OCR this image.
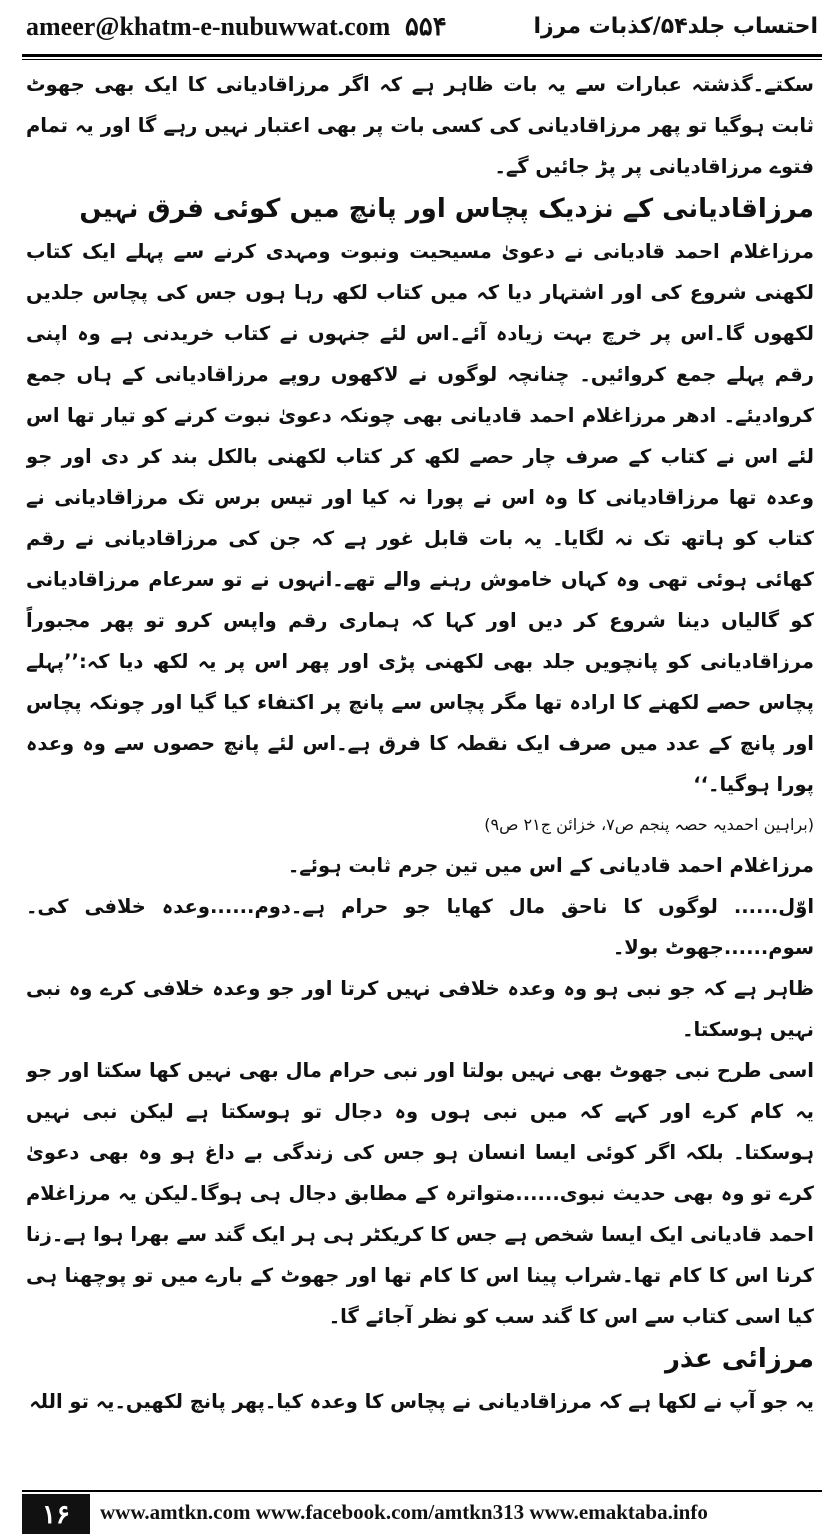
ameer@khatm-e-nubuwwat.com ۵۵۴	احتساب جلد۵۴/کذبات مرزا

سکتے۔گذشتہ عبارات سے یہ بات ظاہر ہے کہ اگر مرزاقادیانی کا ایک بھی جھوٹ ثابت ہوگیا تو پھر مرزاقادیانی کی کسی بات پر بھی اعتبار نہیں رہے گا اور یہ تمام فتوے مرزاقادیانی پر پڑ جائیں گے۔

مرزاقادیانی کے نزدیک پچاس اور پانچ میں کوئی فرق نہیں

مرزاغلام احمد قادیانی نے دعویٰ مسیحیت ونبوت ومہدی کرنے سے پہلے ایک کتاب لکھنی شروع کی اور اشتہار دیا کہ میں کتاب لکھ رہا ہوں جس کی پچاس جلدیں لکھوں گا۔اس پر خرچ بہت زیادہ آئے۔اس لئے جنہوں نے کتاب خریدنی ہے وہ اپنی رقم پہلے جمع کروائیں۔ چنانچہ لوگوں نے لاکھوں روپے مرزاقادیانی کے ہاں جمع کروادیئے۔ ادھر مرزاغلام احمد قادیانی بھی چونکہ دعویٰ نبوت کرنے کو تیار تھا اس لئے اس نے کتاب کے صرف چار حصے لکھ کر کتاب لکھنی بالکل بند کر دی اور جو وعدہ تھا مرزاقادیانی کا وہ اس نے پورا نہ کیا اور تیس برس تک مرزاقادیانی نے کتاب کو ہاتھ تک نہ لگایا۔ یہ بات قابل غور ہے کہ جن کی مرزاقادیانی نے رقم کھائی ہوئی تھی وہ کہاں خاموش رہنے والے تھے۔انہوں نے تو سرعام مرزاقادیانی کو گالیاں دینا شروع کر دیں اور کہا کہ ہماری رقم واپس کرو تو پھر مجبوراً مرزاقادیانی کو پانچویں جلد بھی لکھنی پڑی اور پھر اس پر یہ لکھ دیا کہ:’’پہلے پچاس حصے لکھنے کا ارادہ تھا مگر پچاس سے پانچ پر اکتفاء کیا گیا اور چونکہ پچاس اور پانچ کے عدد میں صرف ایک نقطہ کا فرق ہے۔اس لئے پانچ حصوں سے وہ وعدہ پورا ہوگیا۔‘‘

(براہین احمدیہ حصہ پنجم ص۷، خزائن ج۲۱ ص۹)

مرزاغلام احمد قادیانی کے اس میں تین جرم ثابت ہوئے۔

اوّل...... لوگوں کا ناحق مال کھایا جو حرام ہے۔دوم......وعدہ خلافی کی۔سوم......جھوٹ بولا۔

ظاہر ہے کہ جو نبی ہو وہ وعدہ خلافی نہیں کرتا اور جو وعدہ خلافی کرے وہ نبی نہیں ہوسکتا۔

اسی طرح نبی جھوٹ بھی نہیں بولتا اور نبی حرام مال بھی نہیں کھا سکتا اور جو یہ کام کرے اور کہے کہ میں نبی ہوں وہ دجال تو ہوسکتا ہے لیکن نبی نہیں ہوسکتا۔ بلکہ اگر کوئی ایسا انسان ہو جس کی زندگی بے داغ ہو وہ بھی دعویٰ کرے تو وہ بھی حدیث نبوی......متواترہ کے مطابق دجال ہی ہوگا۔لیکن یہ مرزاغلام احمد قادیانی ایک ایسا شخص ہے جس کا کریکٹر ہی ہر ایک گند سے بھرا ہوا ہے۔زنا کرنا اس کا کام تھا۔شراب پینا اس کا کام تھا اور جھوٹ کے بارے میں تو پوچھنا ہی کیا اسی کتاب سے اس کا گند سب کو نظر آجائے گا۔

مرزائی عذر

یہ جو آپ نے لکھا ہے کہ مرزاقادیانی نے پچاس کا وعدہ کیا۔پھر پانچ لکھیں۔یہ تو اللہ

۱۶	www.amtkn.com www.facebook.com/amtkn313 www.emaktaba.info
